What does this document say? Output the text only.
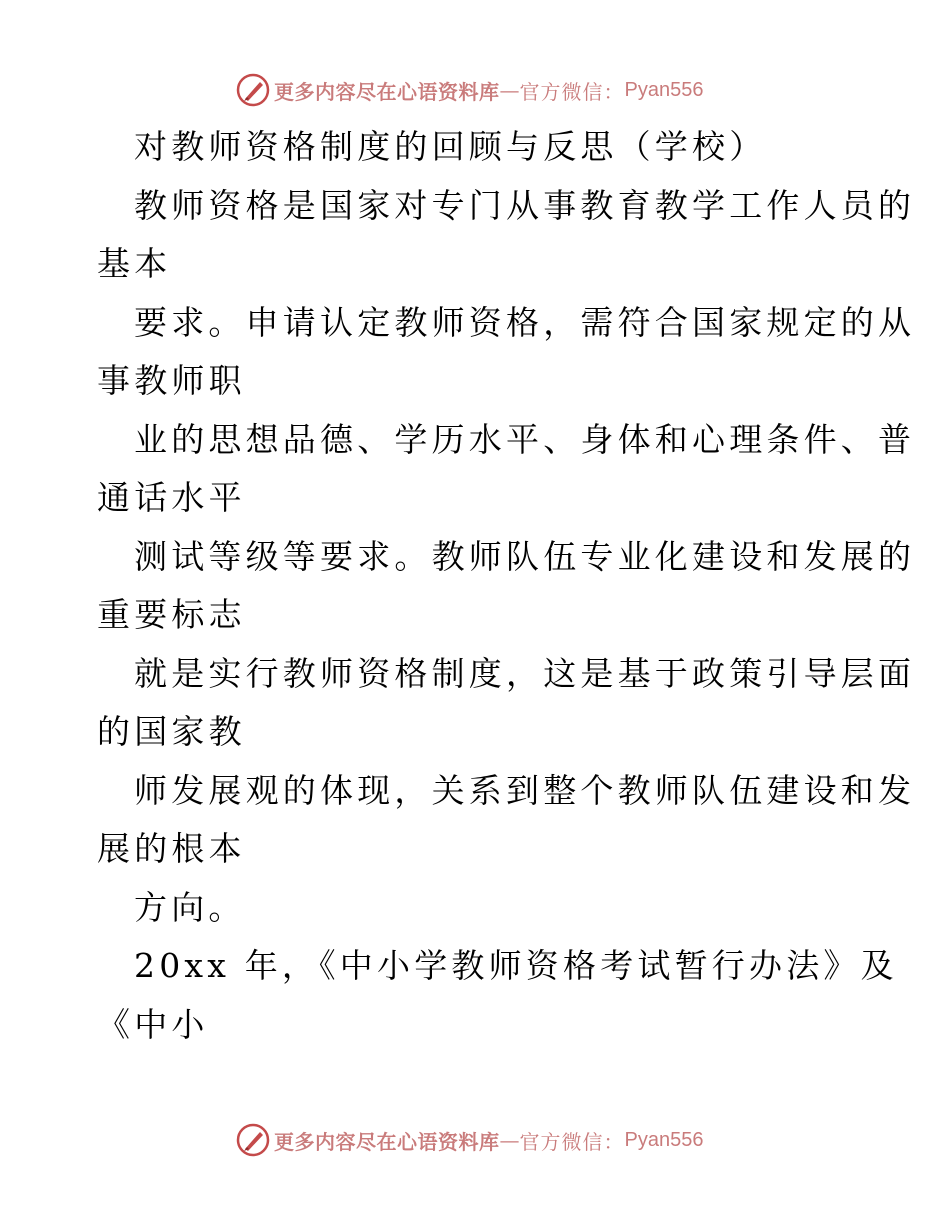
更多内容尽在心语资料库 — 官方微信： Pyan556
对教师资格制度的回顾与反思（学校）
教师资格是国家对专门从事教育教学工作人员的
基本
要求。申请认定教师资格，需符合国家规定的从
事教师职
业的思想品德、学历水平、身体和心理条件、普
通话水平
测试等级等要求。教师队伍专业化建设和发展的
重要标志
就是实行教师资格制度，这是基于政策引导层面
的国家教
师发展观的体现，关系到整个教师队伍建设和发
展的根本
方向。
20xx 年，《中小学教师资格考试暂行办法》及
《中小
更多内容尽在心语资料库 — 官方微信： Pyan556
